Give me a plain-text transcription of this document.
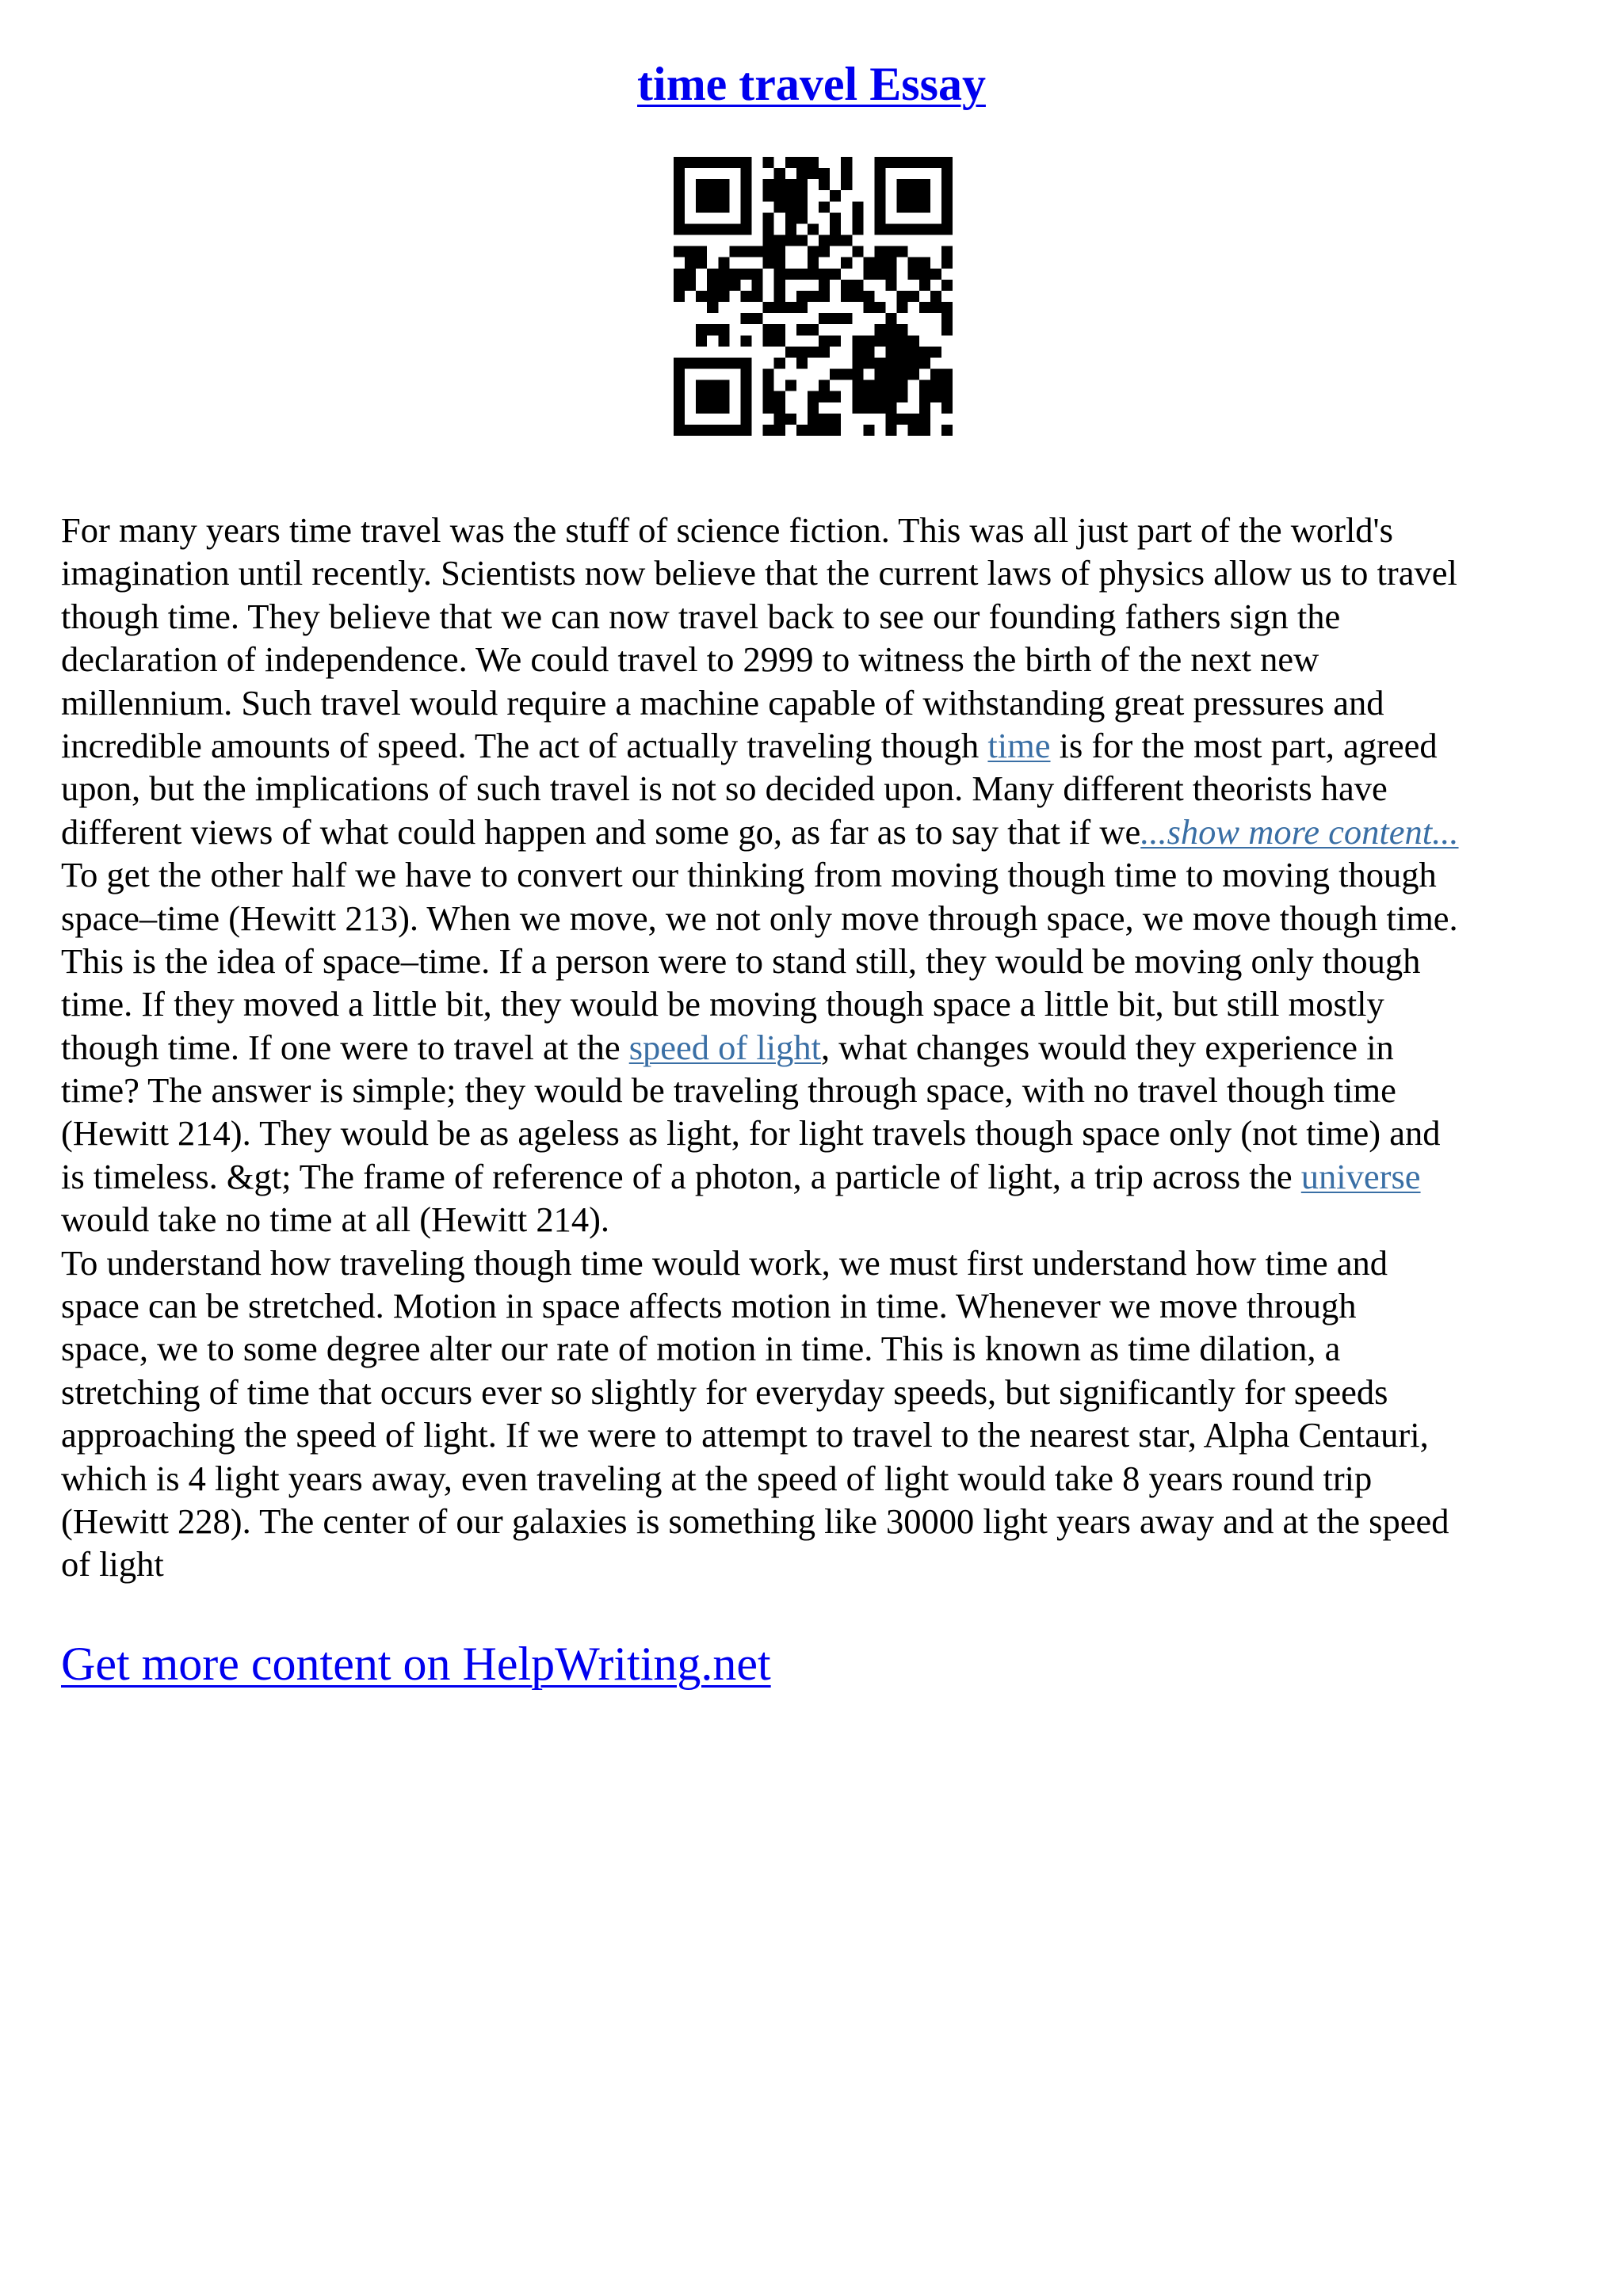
time travel Essay
For many years time travel was the stuff of science fiction. This was all just part of the world's
imagination until recently. Scientists now believe that the current laws of physics allow us to travel
though time. They believe that we can now travel back to see our founding fathers sign the
declaration of independence. We could travel to 2999 to witness the birth of the next new
millennium. Such travel would require a machine capable of withstanding great pressures and
incredible amounts of speed. The act of actually traveling though time is for the most part, agreed
upon, but the implications of such travel is not so decided upon. Many different theorists have
different views of what could happen and some go, as far as to say that if we...show more content...
To get the other half we have to convert our thinking from moving though time to moving though
space–time (Hewitt 213). When we move, we not only move through space, we move though time.
This is the idea of space–time. If a person were to stand still, they would be moving only though
time. If they moved a little bit, they would be moving though space a little bit, but still mostly
though time. If one were to travel at the speed of light, what changes would they experience in
time? The answer is simple; they would be traveling through space, with no travel though time
(Hewitt 214). They would be as ageless as light, for light travels though space only (not time) and
is timeless. &gt; The frame of reference of a photon, a particle of light, a trip across the universe
would take no time at all (Hewitt 214).
To understand how traveling though time would work, we must first understand how time and
space can be stretched. Motion in space affects motion in time. Whenever we move through
space, we to some degree alter our rate of motion in time. This is known as time dilation, a
stretching of time that occurs ever so slightly for everyday speeds, but significantly for speeds
approaching the speed of light. If we were to attempt to travel to the nearest star, Alpha Centauri,
which is 4 light years away, even traveling at the speed of light would take 8 years round trip
(Hewitt 228). The center of our galaxies is something like 30000 light years away and at the speed
of light
Get more content on HelpWriting.net
